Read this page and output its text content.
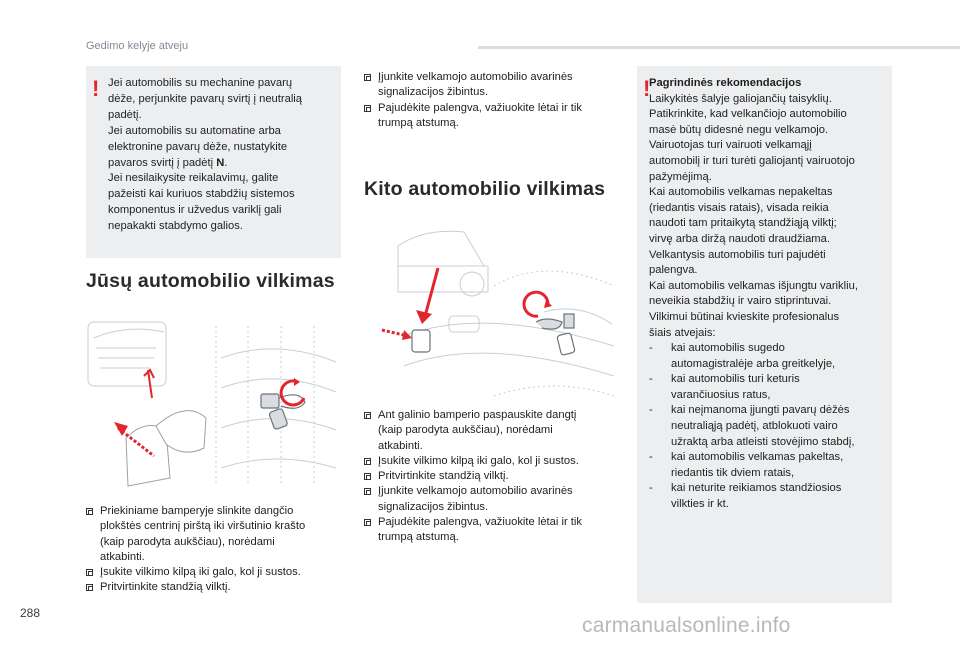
Gedimo kelyje atveju
! Jei automobilis su mechanine pavarų

dėže, perjunkite pavarų svirtį į neutralią

padėtį.

Jei automobilis su automatine arba

elektronine pavarų dėže, nustatykite

pavaros svirtį į padėtį N.

Jei nesilaikysite reikalavimų, galite

pažeisti kai kuriuos stabdžių sistemos

komponentus ir užvedus variklį gali

nepakakti stabdymo galios.

Jūsų automobilio vilkimas
Priekiniame bamperyje slinkite dangčio
plokštės centrinį pirštą iki viršutinio krašto
(kaip parodyta aukščiau), norėdami
atkabinti.
Įsukite vilkimo kilpą iki galo, kol ji sustos.
Pritvirtinkite standžią vilktį.
Įjunkite velkamojo automobilio avarinės
signalizacijos žibintus.
Pajudėkite palengva, važiuokite lėtai ir tik
trumpą atstumą.
Kito automobilio vilkimas
Ant galinio bamperio paspauskite dangtį
(kaip parodyta aukščiau), norėdami
atkabinti.
Įsukite vilkimo kilpą iki galo, kol ji sustos.
Pritvirtinkite standžią vilktį.
Įjunkite velkamojo automobilio avarinės
signalizacijos žibintus.
Pajudėkite palengva, važiuokite lėtai ir tik
trumpą atstumą.
!
Pagrindinės rekomendacijos
Laikykitės šalyje galiojančių taisyklių.
Patikrinkite, kad velkančiojo automobilio
masė būtų didesnė negu velkamojo.
Vairuotojas turi vairuoti velkamąjį
automobilį ir turi turėti galiojantį vairuotojo
pažymėjimą.
Kai automobilis velkamas nepakeltas
(riedantis visais ratais), visada reikia
naudoti tam pritaikytą standžiąją vilktį;
virvę arba diržą naudoti draudžiama.
Velkantysis automobilis turi pajudėti
palengva.
Kai automobilis velkamas išjungtu varikliu,
neveikia stabdžių ir vairo stiprintuvai.
Vilkimui būtinai kvieskite profesionalus
šiais atvejais:
- kai automobilis sugedo
automagistralėje arba greitkelyje,
- kai automobilis turi keturis
varančiuosius ratus,
- kai neįmanoma įjungti pavarų dėžės
neutraliąją padėtį, atblokuoti vairo
užraktą arba atleisti stovėjimo stabdį,
- kai automobilis velkamas pakeltas,
riedantis tik dviem ratais,
- kai neturite reikiamos standžiosios
vilkties ir kt.
288
carmanualsonline.info
